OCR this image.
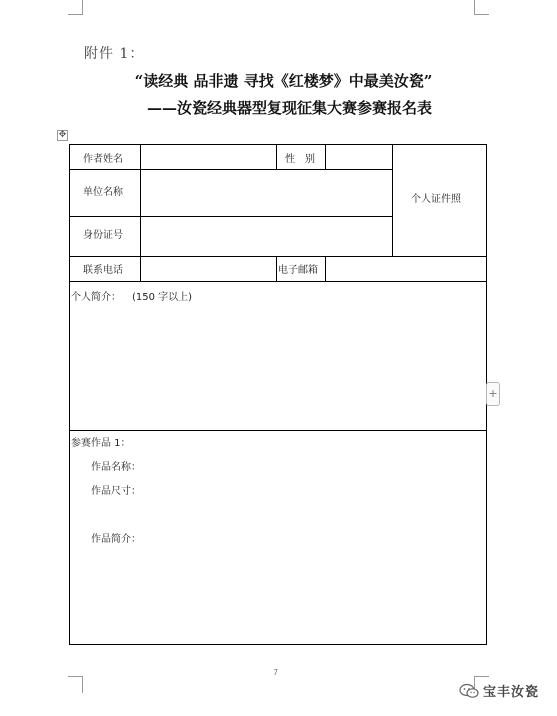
附件 1：
“读经典 品非遗 寻找《红楼梦》中最美汝瓷”
——汝瓷经典器型复现征集大赛参赛报名表
✥
作者姓名	性　别
个人证件照
单位名称
身份证号
联系电话	电子邮箱
个人简介： (150 字以上)
参赛作品 1：
作品名称：
作品尺寸：
作品简介：
+
7
宝丰汝瓷
